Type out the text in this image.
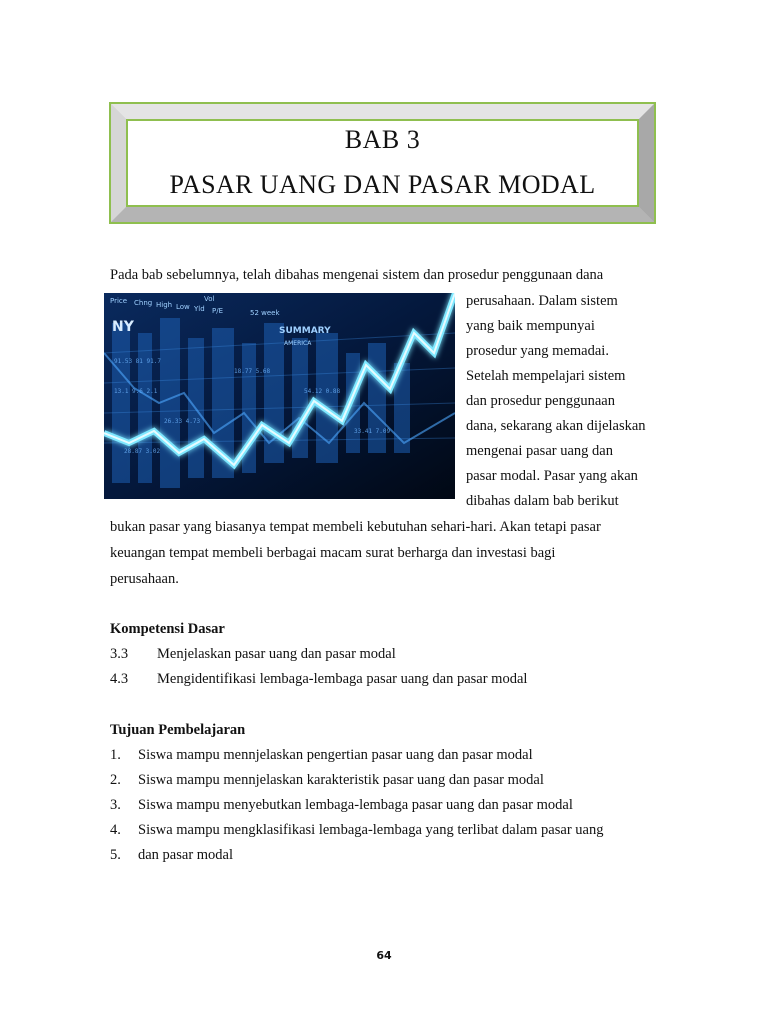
BAB 3
PASAR UANG DAN PASAR MODAL
Pada bab sebelumnya, telah dibahas mengenai sistem dan prosedur penggunaan dana
Price Chng High Low Yld P/E	52 week
Vol
SUMMARY
NY
AMERICA
91.53 81 91.7
13.1 9.6 2.1
26.33 4.73
18.77 5.68
54.12 0.88
33.41 7.09
28.87 3.02
perusahaan. Dalam sistem
yang baik mempunyai
prosedur yang memadai.
Setelah mempelajari sistem
dan prosedur penggunaan
dana, sekarang akan dijelaskan
mengenai pasar uang dan
pasar modal. Pasar yang akan
dibahas dalam bab berikut
bukan pasar yang biasanya tempat membeli kebutuhan sehari-hari. Akan tetapi pasar
keuangan tempat membeli berbagai macam surat berharga dan investasi bagi
perusahaan.
Kompetensi Dasar
3.3 Menjelaskan pasar uang dan pasar modal
4.3 Mengidentifikasi lembaga-lembaga pasar uang dan pasar modal
Tujuan Pembelajaran
1. Siswa mampu mennjelaskan pengertian pasar uang dan pasar modal
2. Siswa mampu mennjelaskan karakteristik pasar uang dan pasar modal
3. Siswa mampu menyebutkan lembaga-lembaga pasar uang dan pasar modal
4. Siswa mampu mengklasifikasi lembaga-lembaga yang terlibat dalam pasar uang
5. dan pasar modal
64
